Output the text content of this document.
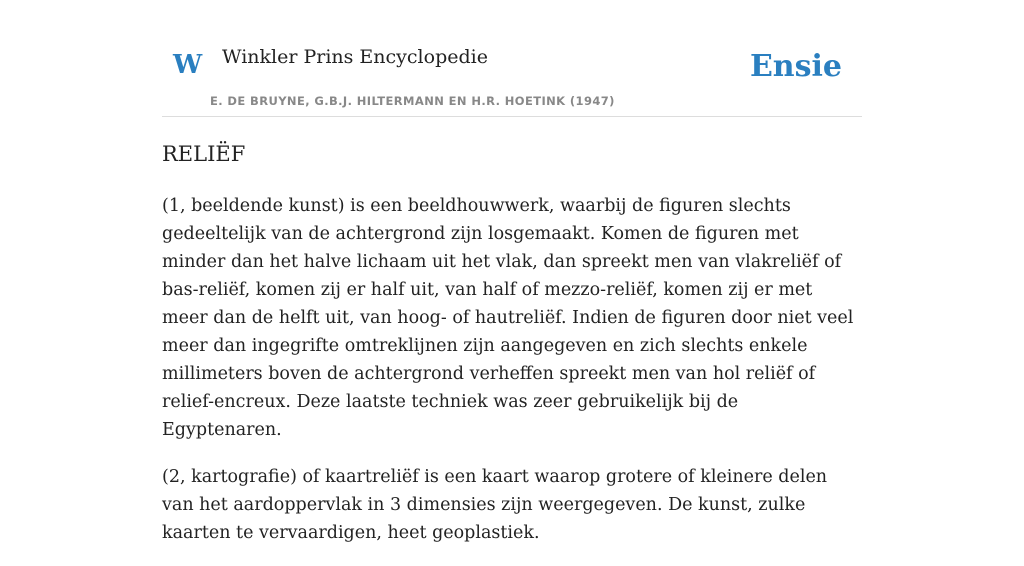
W Winkler Prins Encyclopedie
E. DE BRUYNE, G.B.J. HILTERMANN EN H.R. HOETINK (1947)
Ensie
RELIËF

(1, beeldende kunst) is een beeldhouwwerk, waarbij de figuren slechts gedeeltelijk van de achtergrond zijn losgemaakt. Komen de figuren met minder dan het halve lichaam uit het vlak, dan spreekt men van vlakreliëf of bas-reliëf, komen zij er half uit, van half of mezzo-reliëf, komen zij er met meer dan de helft uit, van hoog- of hautreliëf. Indien de figuren door niet veel meer dan ingegrifte omtreklijnen zijn aangegeven en zich slechts enkele millimeters boven de achtergrond verheffen spreekt men van hol reliëf of relief-encreux. Deze laatste techniek was zeer gebruikelijk bij de Egyptenaren.

(2, kartografie) of kaartreliëf is een kaart waarop grotere of kleinere delen van het aardoppervlak in 3 dimensies zijn weergegeven. De kunst, zulke kaarten te vervaardigen, heet geoplastiek.
